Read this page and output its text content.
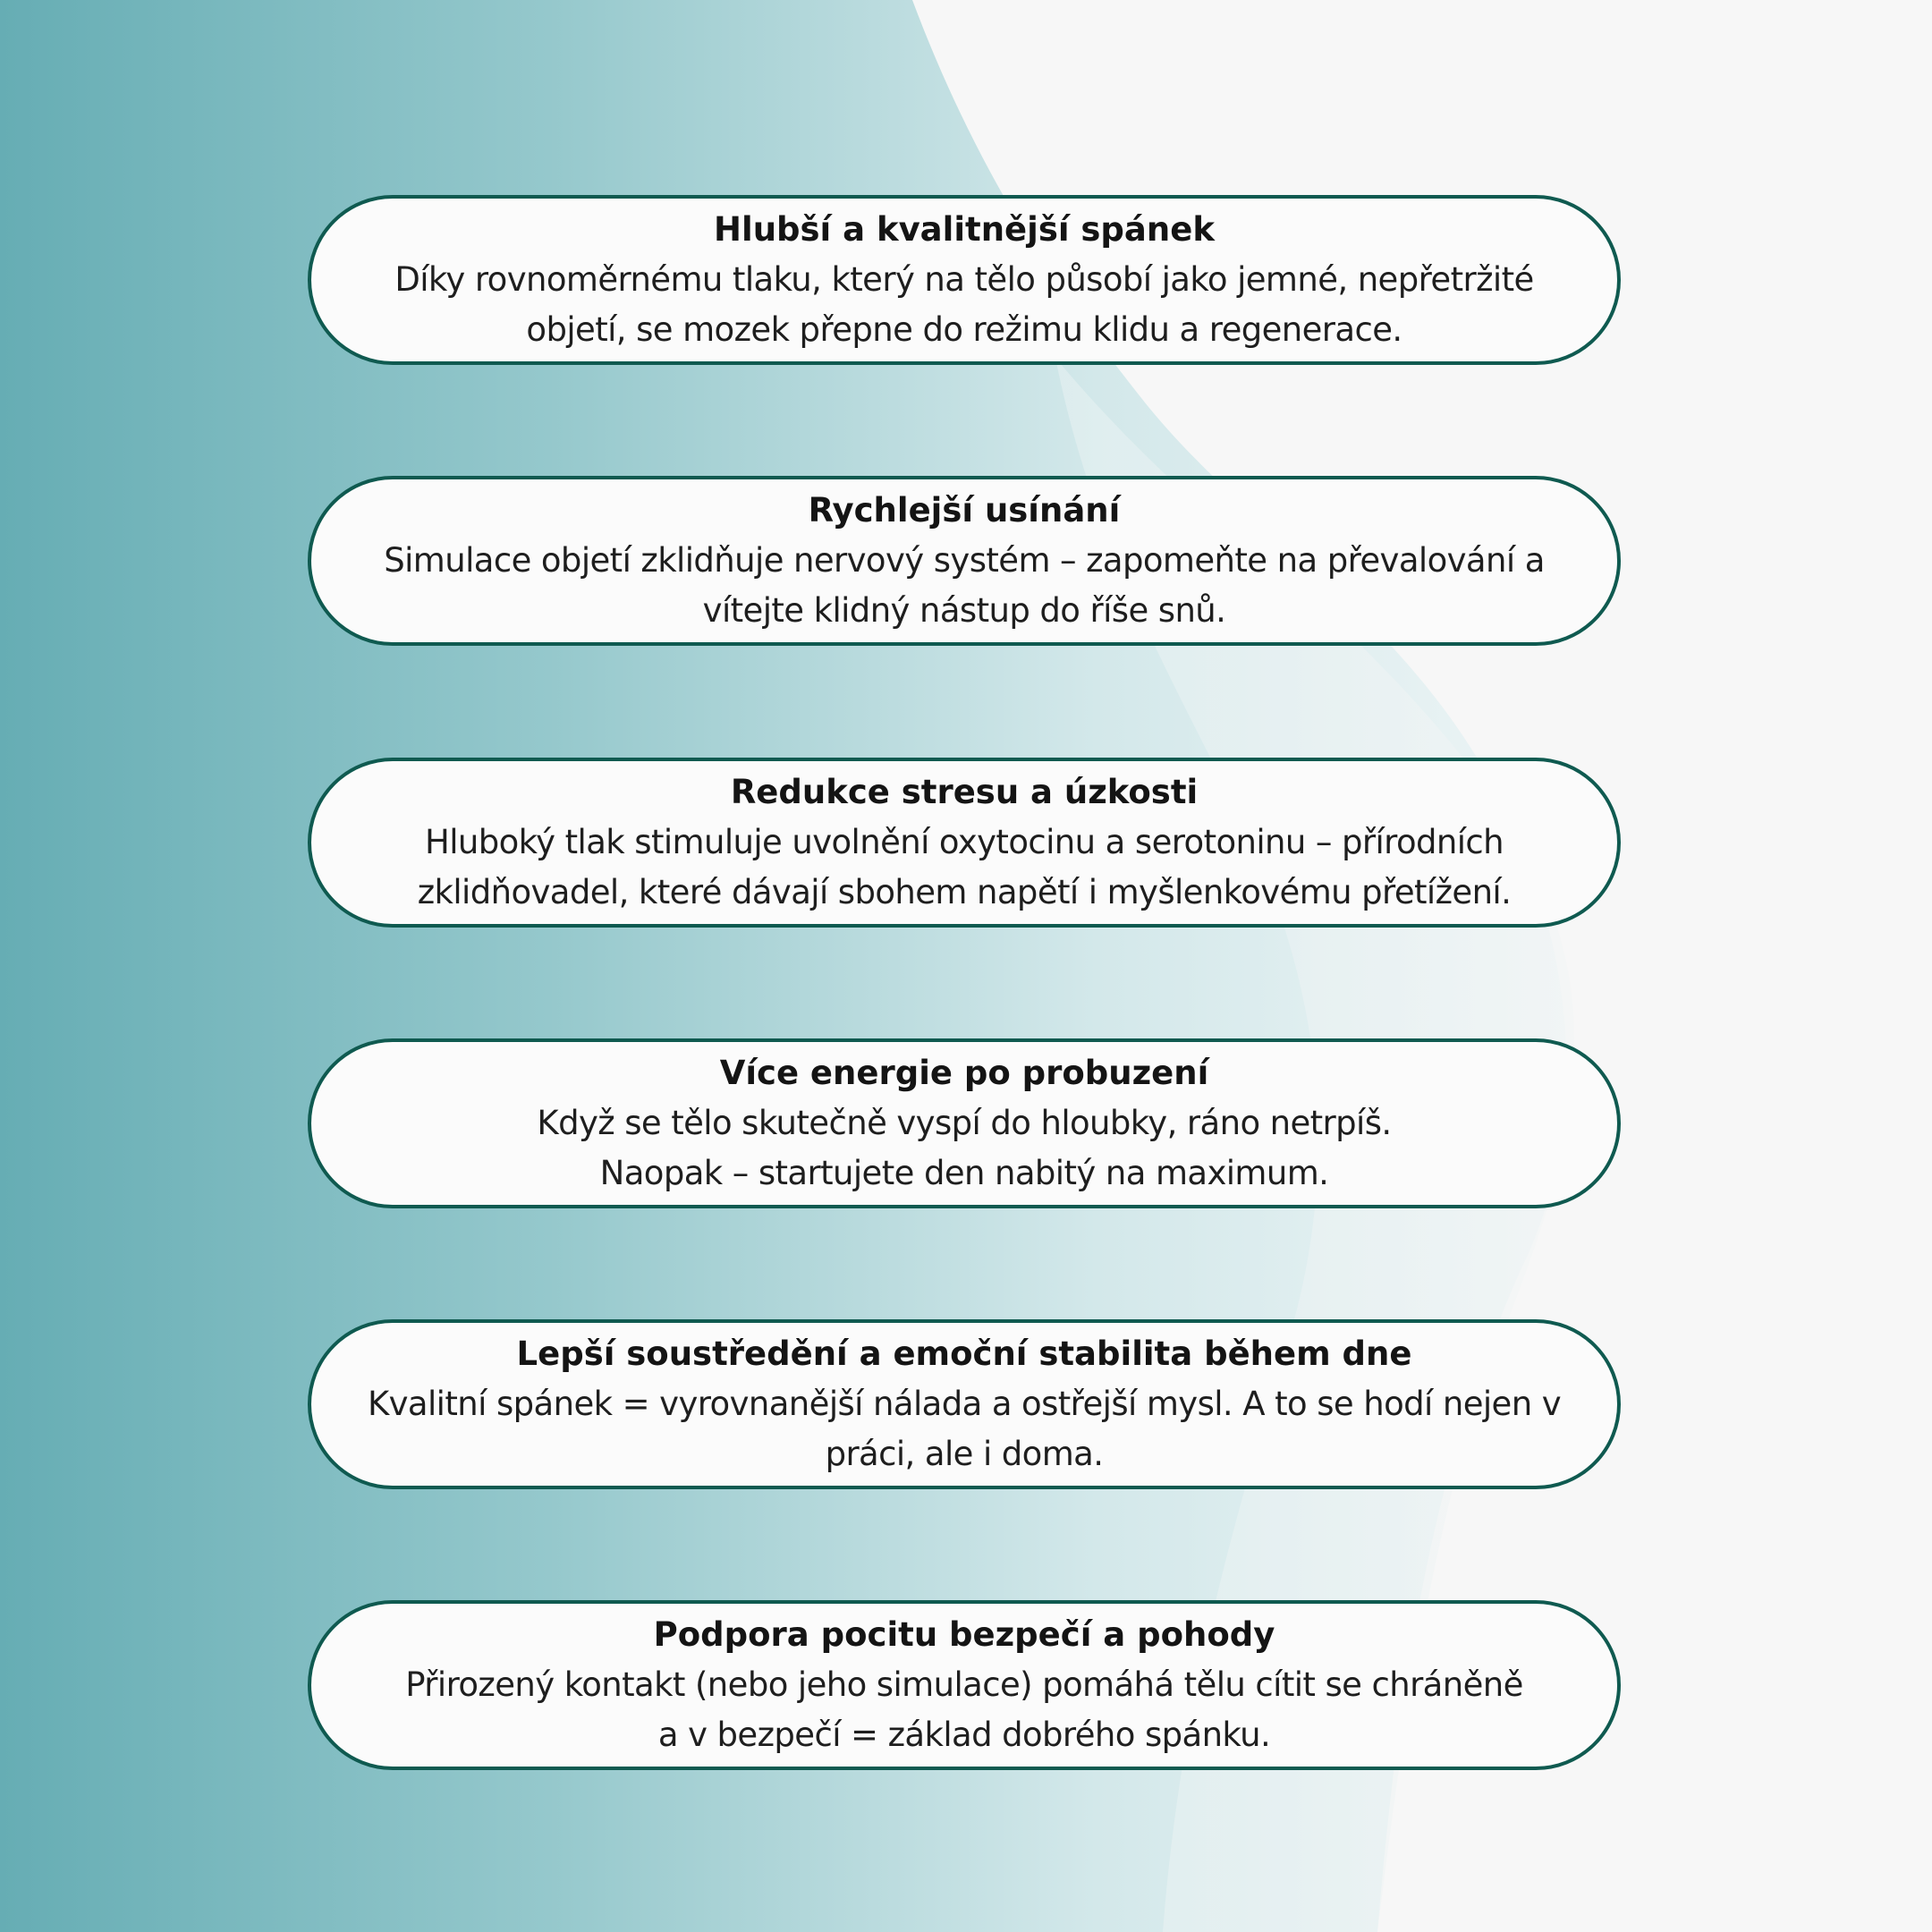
Hlubší a kvalitnější spánek
Díky rovnoměrnému tlaku, který na tělo působí jako jemné, nepřetržité
objetí, se mozek přepne do režimu klidu a regenerace.
Rychlejší usínání
Simulace objetí zklidňuje nervový systém – zapomeňte na převalování a
vítejte klidný nástup do říše snů.
Redukce stresu a úzkosti
Hluboký tlak stimuluje uvolnění oxytocinu a serotoninu – přírodních
zklidňovadel, které dávají sbohem napětí i myšlenkovému přetížení.
Více energie po probuzení
Když se tělo skutečně vyspí do hloubky, ráno netrpíš.
Naopak – startujete den nabitý na maximum.
Lepší soustředění a emoční stabilita během dne
Kvalitní spánek = vyrovnanější nálada a ostřejší mysl. A to se hodí nejen v
práci, ale i doma.
Podpora pocitu bezpečí a pohody
Přirozený kontakt (nebo jeho simulace) pomáhá tělu cítit se chráněně
a v bezpečí = základ dobrého spánku.
